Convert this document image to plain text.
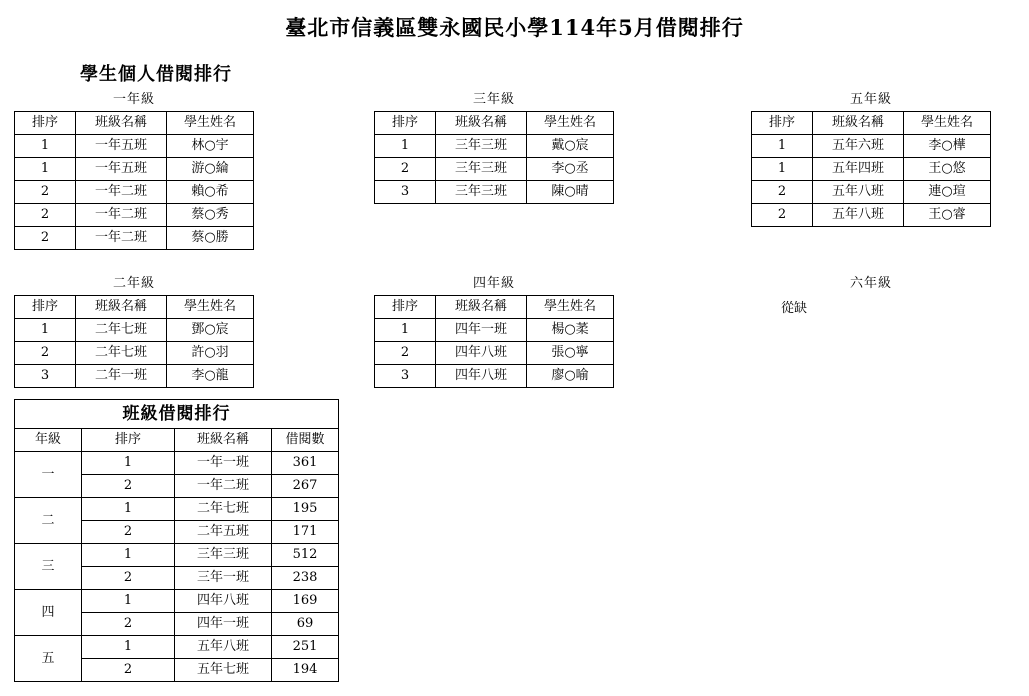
臺北市信義區雙永國民小學114年5月借閱排行
學生個人借閱排行
一年級
排序	班級名稱	學生姓名
1	一年五班	林○宇
1	一年五班	游○綸
2	一年二班	賴○希
2	一年二班	蔡○秀
2	一年二班	蔡○勝
三年級
排序	班級名稱	學生姓名
1	三年三班	戴○宸
2	三年三班	李○丞
3	三年三班	陳○晴
五年級
排序	班級名稱	學生姓名
1	五年六班	李○樺
1	五年四班	王○悠
2	五年八班	連○瑄
2	五年八班	王○睿
二年級
排序	班級名稱	學生姓名
1	二年七班	鄧○宸
2	二年七班	許○羽
3	二年一班	李○龍
四年級
排序	班級名稱	學生姓名
1	四年一班	楊○葇
2	四年八班	張○寧
3	四年八班	廖○喻
六年級
從缺
班級借閱排行			
年級	排序	班級名稱	借閱數
一	1	一年一班	361
	2	一年二班	267
二	1	二年七班	195
	2	二年五班	171
三	1	三年三班	512
	2	三年一班	238
四	1	四年八班	169
	2	四年一班	69
五	1	五年八班	251
	2	五年七班	194
